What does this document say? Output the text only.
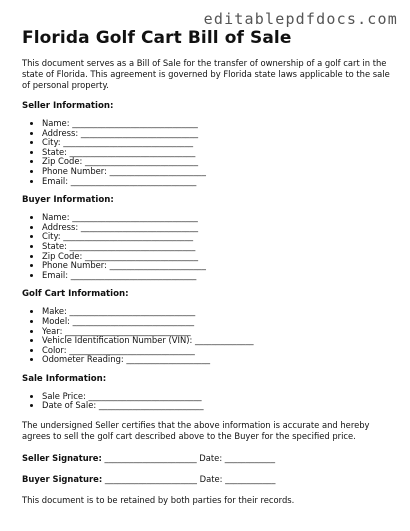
editablepdfdocs.com
Florida Golf Cart Bill of Sale

This document serves as a Bill of Sale for the transfer of ownership of a golf cart in the state of Florida. This agreement is governed by Florida state laws applicable to the sale of personal property.

Seller Information:
• Name: ______________________________
• Address: ____________________________
• City: _______________________________
• State: ______________________________
• Zip Code: ___________________________
• Phone Number: _______________________
• Email: ______________________________
Buyer Information:
• Name: ______________________________
• Address: ____________________________
• City: _______________________________
• State: ______________________________
• Zip Code: ___________________________
• Phone Number: _______________________
• Email: ______________________________
Golf Cart Information:
• Make: ______________________________
• Model: _____________________________
• Year: ______________________________
• Vehicle Identification Number (VIN): ______________
• Color: ______________________________
• Odometer Reading: ____________________
Sale Information:
• Sale Price: ___________________________
• Date of Sale: _________________________

The undersigned Seller certifies that the above information is accurate and hereby agrees to sell the golf cart described above to the Buyer for the specified price.

Seller Signature: ______________________ Date: ____________
Buyer Signature: ______________________ Date: ____________

This document is to be retained by both parties for their records.
